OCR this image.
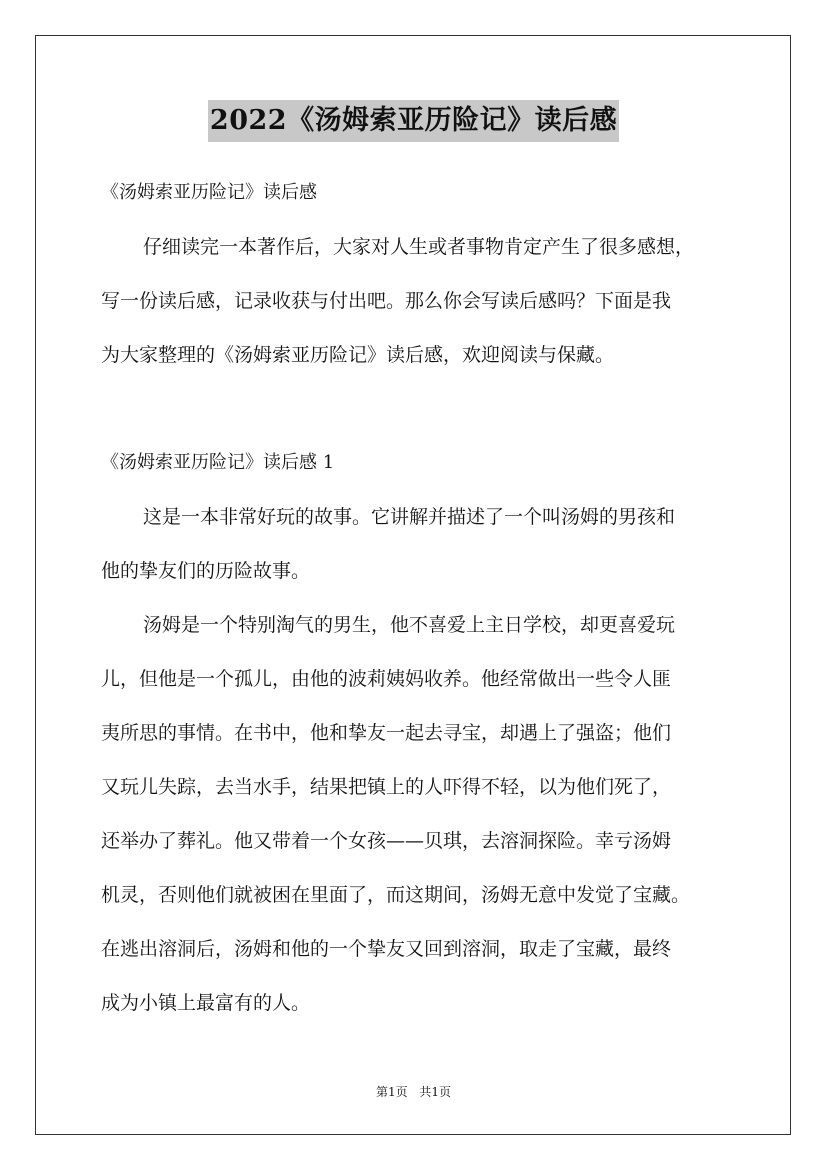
2022《汤姆索亚历险记》读后感
《汤姆索亚历险记》读后感
仔细读完一本著作后，大家对人生或者事物肯定产生了很多感想，
写一份读后感，记录收获与付出吧。那么你会写读后感吗？下面是我
为大家整理的《汤姆索亚历险记》读后感，欢迎阅读与保藏。
《汤姆索亚历险记》读后感 1
这是一本非常好玩的故事。它讲解并描述了一个叫汤姆的男孩和
他的挚友们的历险故事。
汤姆是一个特别淘气的男生，他不喜爱上主日学校，却更喜爱玩
儿，但他是一个孤儿，由他的波莉姨妈收养。他经常做出一些令人匪
夷所思的事情。在书中，他和挚友一起去寻宝，却遇上了强盗；他们
又玩儿失踪，去当水手，结果把镇上的人吓得不轻，以为他们死了，
还举办了葬礼。他又带着一个女孩——贝琪，去溶洞探险。幸亏汤姆
机灵，否则他们就被困在里面了，而这期间，汤姆无意中发觉了宝藏。
在逃出溶洞后，汤姆和他的一个挚友又回到溶洞，取走了宝藏，最终
成为小镇上最富有的人。
第1页 共1页
